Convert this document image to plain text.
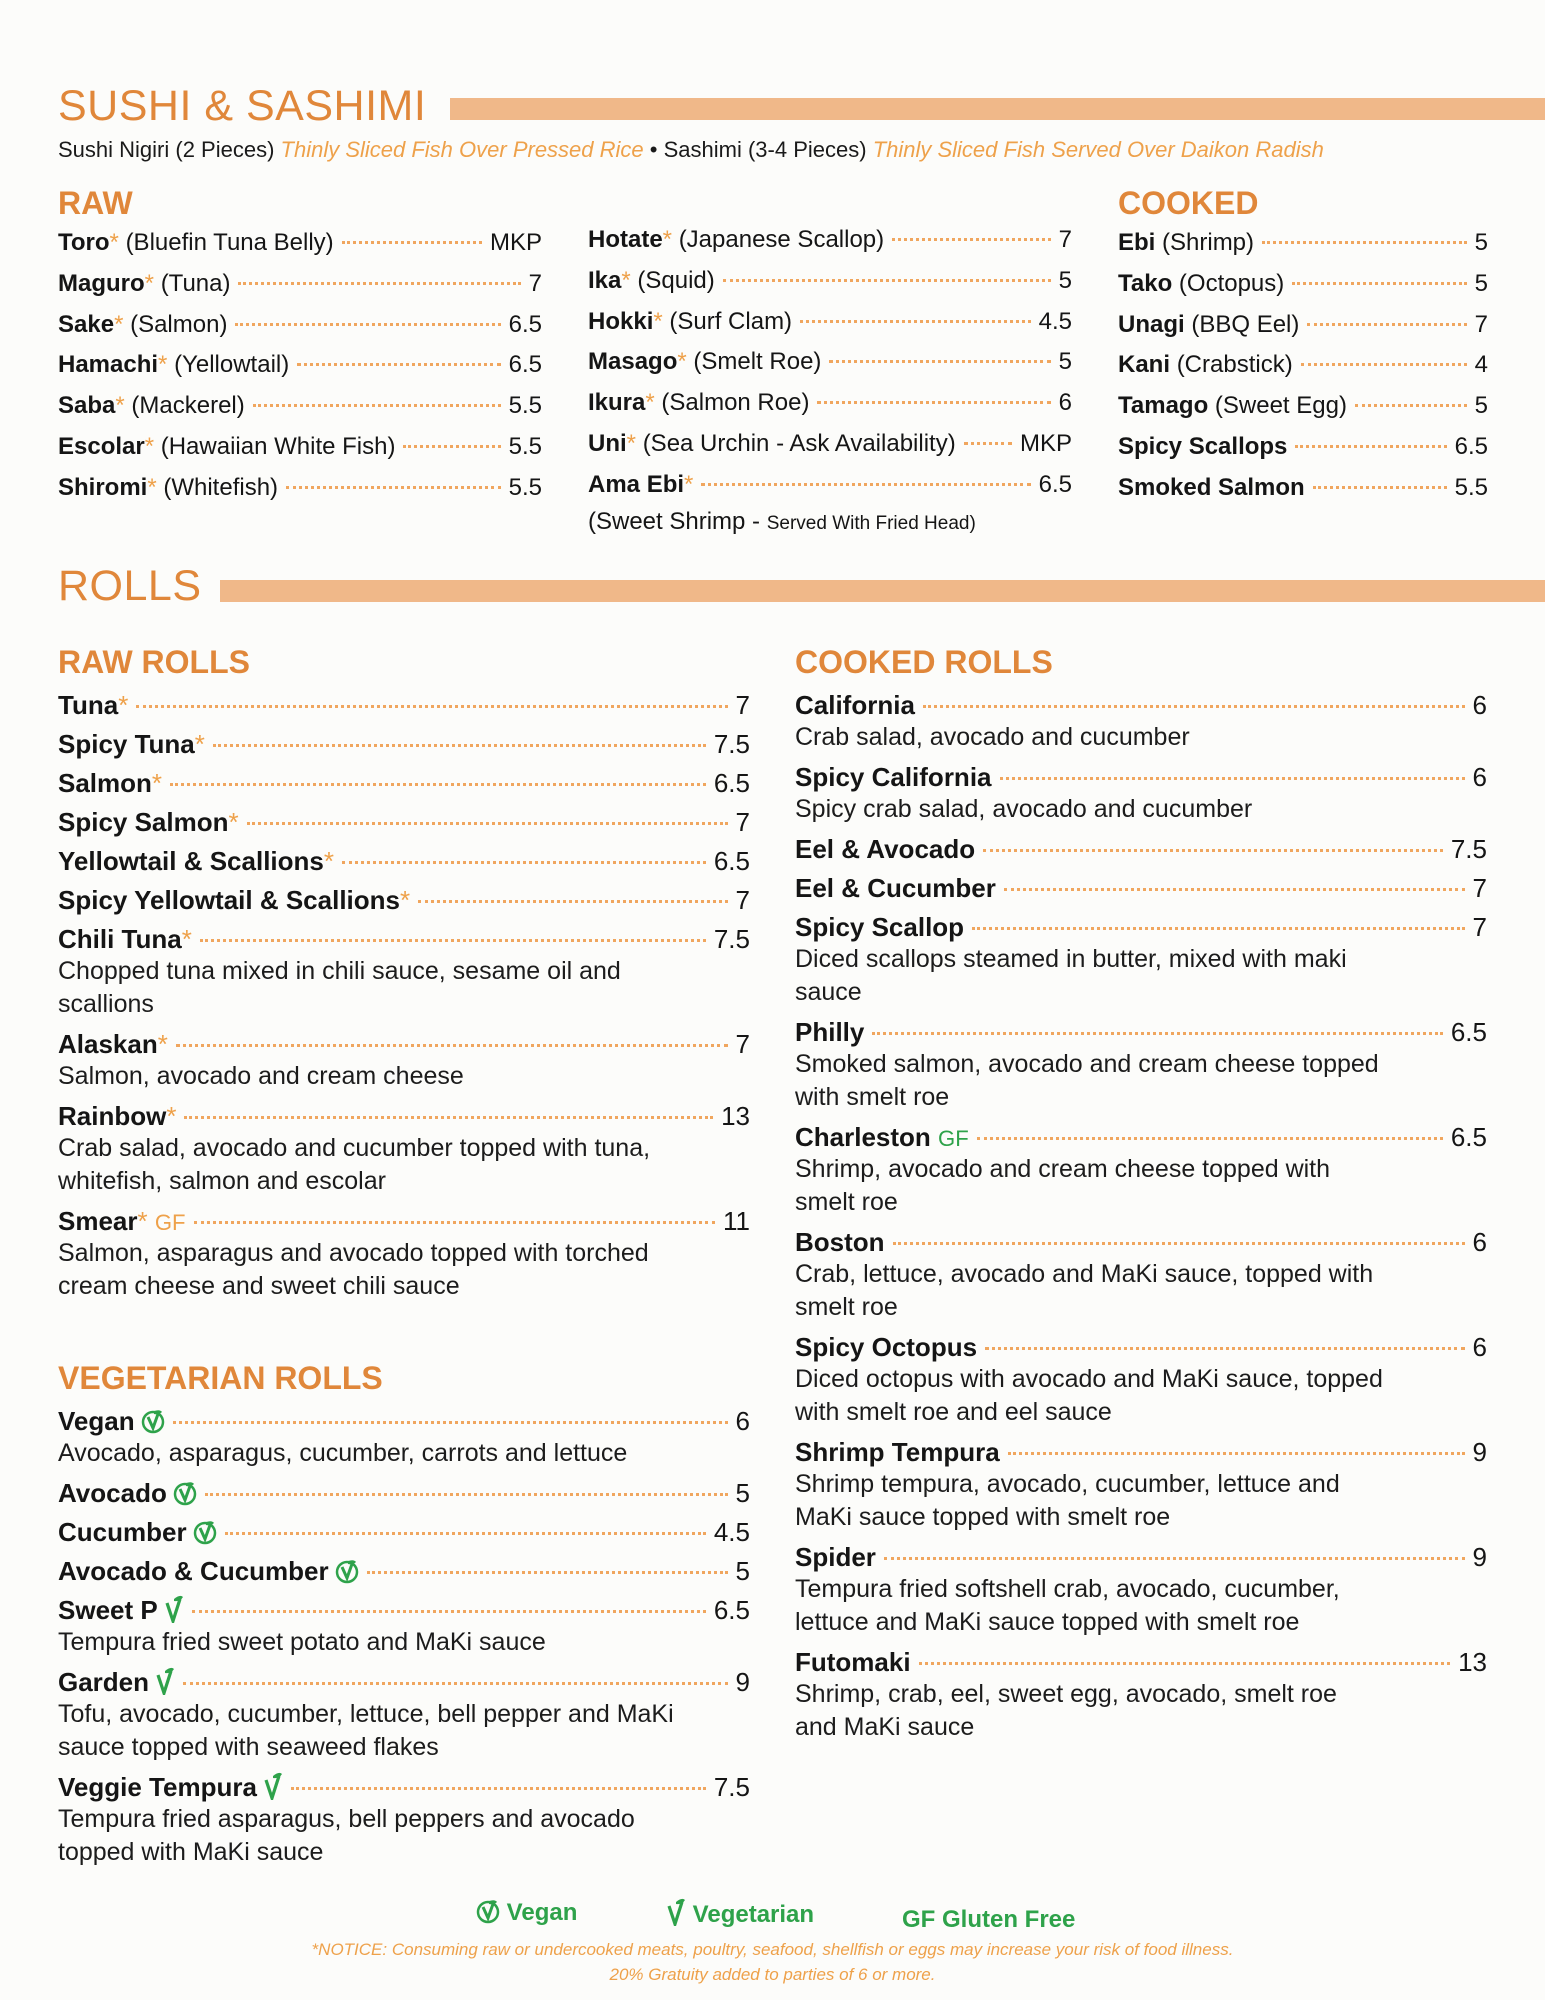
SUSHI & SASHIMI
Sushi Nigiri (2 Pieces) Thinly Sliced Fish Over Pressed Rice • Sashimi (3-4 Pieces) Thinly Sliced Fish Served Over Daikon Radish
RAW	COOKED
Toro* (Bluefin Tuna Belly)	MKP
Maguro* (Tuna)	7
Sake* (Salmon)	6.5
Hamachi* (Yellowtail)	6.5
Saba* (Mackerel)	5.5
Escolar* (Hawaiian White Fish)	5.5
Shiromi* (Whitefish)	5.5
Hotate* (Japanese Scallop)	7
Ika* (Squid)	5
Hokki* (Surf Clam)	4.5
Masago* (Smelt Roe)	5
Ikura* (Salmon Roe)	6
Uni* (Sea Urchin - Ask Availability)	MKP
Ama Ebi*	6.5
(Sweet Shrimp - Served With Fried Head)
Ebi (Shrimp)	5
Tako (Octopus)	5
Unagi (BBQ Eel)	7
Kani (Crabstick)	4
Tamago (Sweet Egg)	5
Spicy Scallops	6.5
Smoked Salmon	5.5
ROLLS
RAW ROLLS	COOKED ROLLS
VEGETARIAN ROLLS
Tuna*	7
Spicy Tuna*	7.5
Salmon*	6.5
Spicy Salmon*	7
Yellowtail & Scallions*	6.5
Spicy Yellowtail & Scallions*	7
Chili Tuna*	7.5
Chopped tuna mixed in chili sauce, sesame oil and scallions
Alaskan*	7
Salmon, avocado and cream cheese
Rainbow*	13
Crab salad, avocado and cucumber topped with tuna, whitefish, salmon and escolar
Smear* GF	11
Salmon, asparagus and avocado topped with torched cream cheese and sweet chili sauce
Vegan	6
Avocado, asparagus, cucumber, carrots and lettuce
Avocado	5
Cucumber	4.5
Avocado & Cucumber	5
Sweet P	6.5
Tempura fried sweet potato and MaKi sauce
Garden	9
Tofu, avocado, cucumber, lettuce, bell pepper and MaKi sauce topped with seaweed flakes
Veggie Tempura	7.5
Tempura fried asparagus, bell peppers and avocado topped with MaKi sauce
California	6
Crab salad, avocado and cucumber
Spicy California	6
Spicy crab salad, avocado and cucumber
Eel & Avocado	7.5
Eel & Cucumber	7
Spicy Scallop	7
Diced scallops steamed in butter, mixed with maki sauce
Philly	6.5
Smoked salmon, avocado and cream cheese topped with smelt roe
Charleston GF	6.5
Shrimp, avocado and cream cheese topped with smelt roe
Boston	6
Crab, lettuce, avocado and MaKi sauce, topped with smelt roe
Spicy Octopus	6
Diced octopus with avocado and MaKi sauce, topped with smelt roe and eel sauce
Shrimp Tempura	9
Shrimp tempura, avocado, cucumber, lettuce and MaKi sauce topped with smelt roe
Spider	9
Tempura fried softshell crab, avocado, cucumber, lettuce and MaKi sauce topped with smelt roe
Futomaki	13
Shrimp, crab, eel, sweet egg, avocado, smelt roe and MaKi sauce
Vegan	Vegetarian	GF Gluten Free
*NOTICE: Consuming raw or undercooked meats, poultry, seafood, shellfish or eggs may increase your risk of food illness.
20% Gratuity added to parties of 6 or more.
